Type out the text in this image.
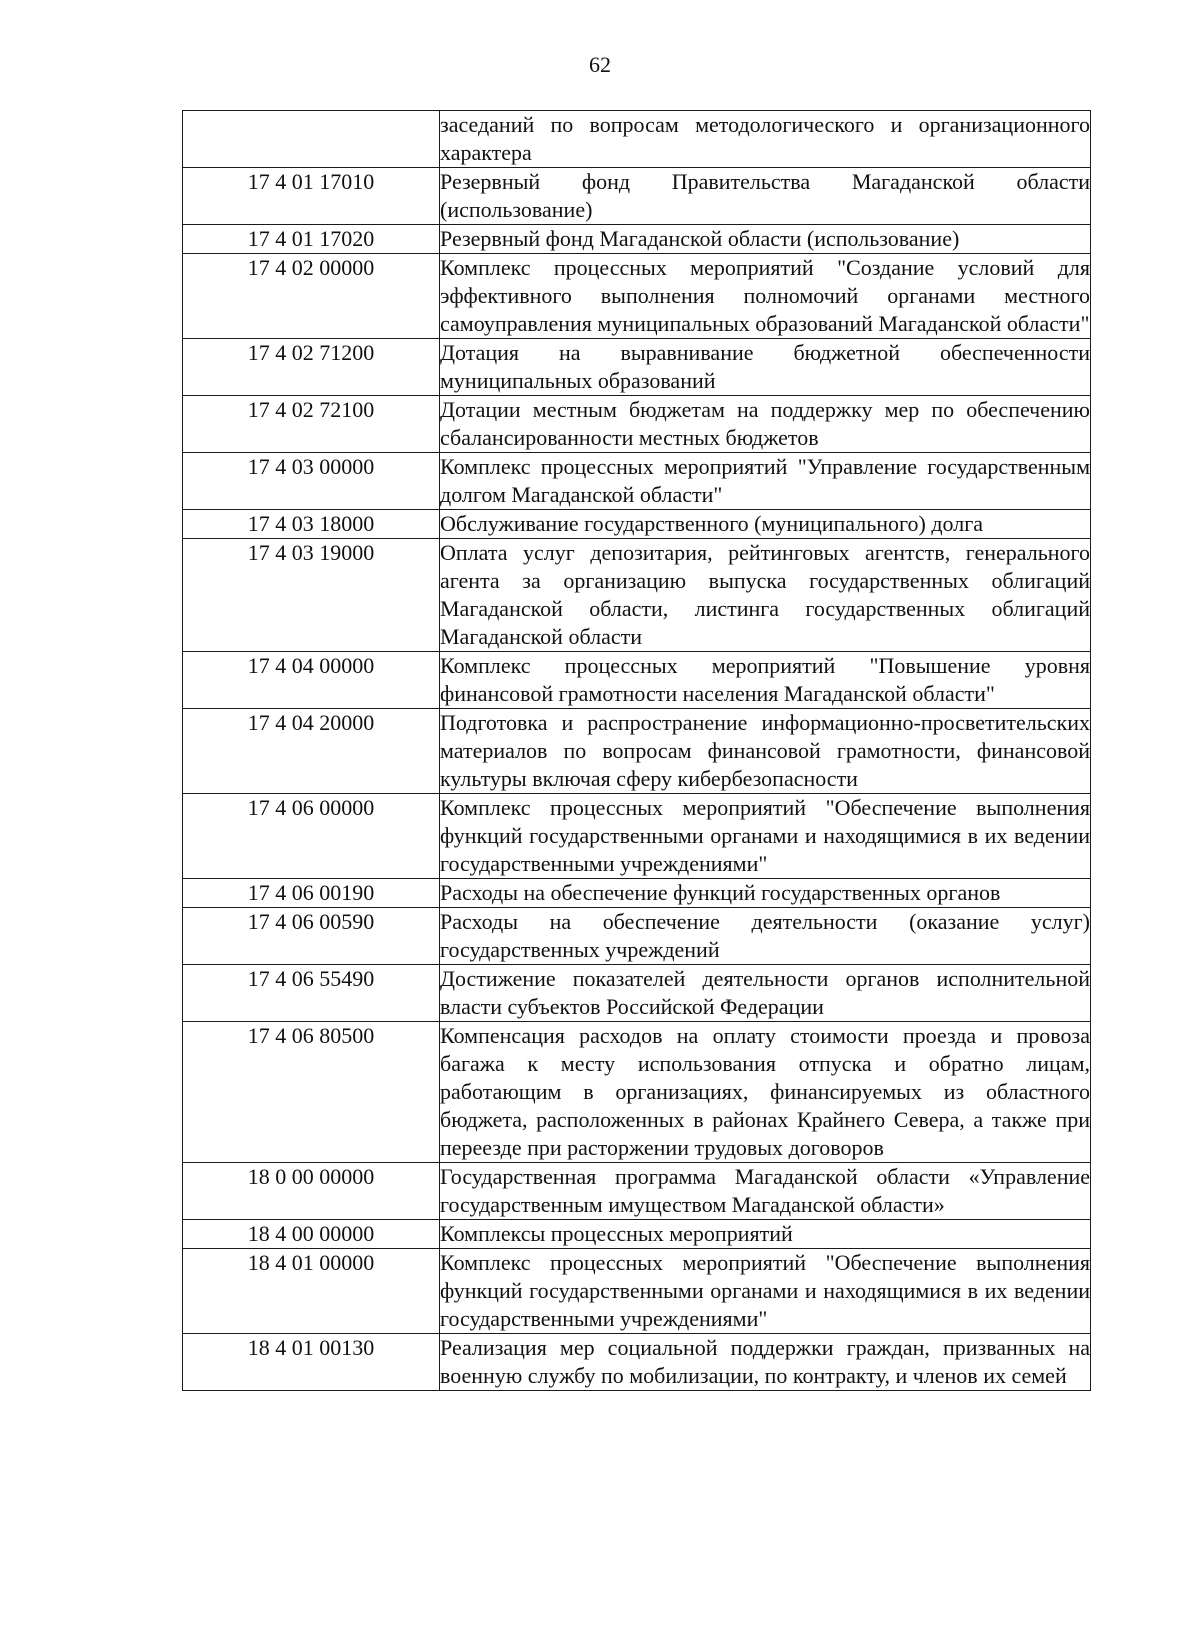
62
	заседаний по вопросам методологического и организационного характера
17 4 01 17010	Резервный фонд Правительства Магаданской области (использование)
17 4 01 17020	Резервный фонд Магаданской области (использование)
17 4 02 00000	Комплекс процессных мероприятий "Создание условий для эффективного выполнения полномочий органами местного самоуправления муниципальных образований Магаданской области"
17 4 02 71200	Дотация на выравнивание бюджетной обеспеченности муниципальных образований
17 4 02 72100	Дотации местным бюджетам на поддержку мер по обеспечению сбалансированности местных бюджетов
17 4 03 00000	Комплекс процессных мероприятий "Управление государственным долгом Магаданской области"
17 4 03 18000	Обслуживание государственного (муниципального) долга
17 4 03 19000	Оплата услуг депозитария, рейтинговых агентств, генерального агента за организацию выпуска государственных облигаций Магаданской области, листинга государственных облигаций Магаданской области
17 4 04 00000	Комплекс процессных мероприятий "Повышение уровня финансовой грамотности населения Магаданской области"
17 4 04 20000	Подготовка и распространение информационно-просветительских материалов по вопросам финансовой грамотности, финансовой культуры включая сферу кибербезопасности
17 4 06 00000	Комплекс процессных мероприятий "Обеспечение выполнения функций государственными органами и находящимися в их ведении государственными учреждениями"
17 4 06 00190	Расходы на обеспечение функций государственных органов
17 4 06 00590	Расходы на обеспечение деятельности (оказание услуг) государственных учреждений
17 4 06 55490	Достижение показателей деятельности органов исполнительной власти субъектов Российской Федерации
17 4 06 80500	Компенсация расходов на оплату стоимости проезда и провоза багажа к месту использования отпуска и обратно лицам, работающим в организациях, финансируемых из областного бюджета, расположенных в районах Крайнего Севера, а также при переезде при расторжении трудовых договоров
18 0 00 00000	Государственная программа Магаданской области «Управление государственным имуществом Магаданской области»
18 4 00 00000	Комплексы процессных мероприятий
18 4 01 00000	Комплекс процессных мероприятий "Обеспечение выполнения функций государственными органами и находящимися в их ведении государственными учреждениями"
18 4 01 00130	Реализация мер социальной поддержки граждан, призванных на военную службу по мобилизации, по контракту, и членов их семей
